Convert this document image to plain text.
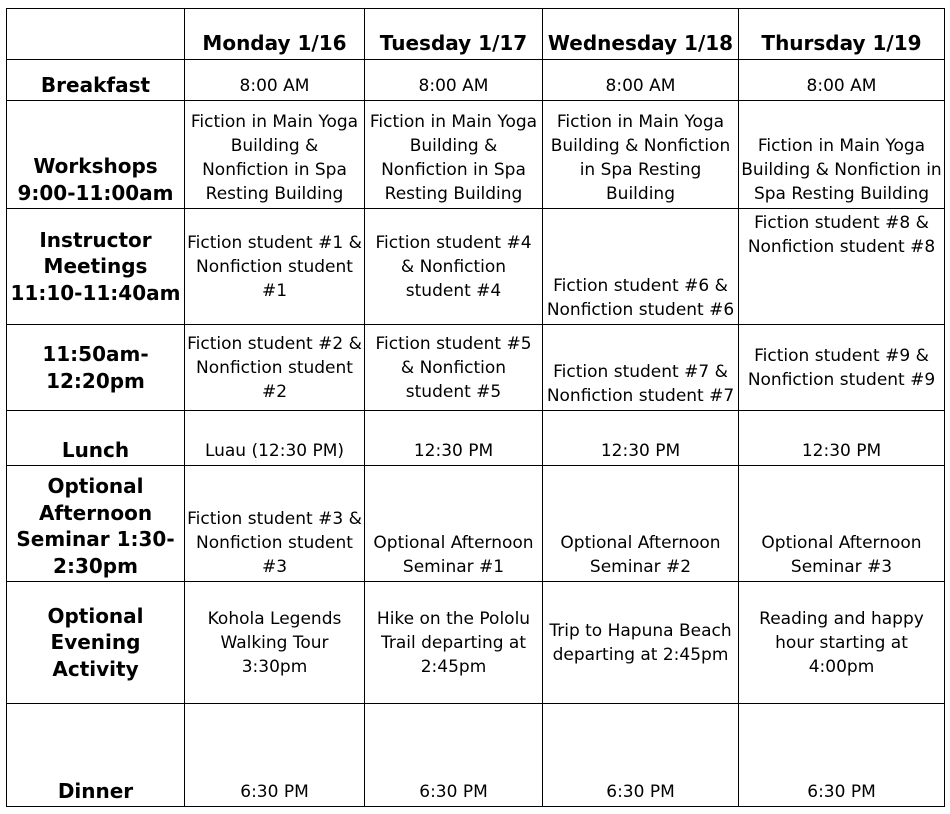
	Monday 1/16	Tuesday 1/17	Wednesday 1/18	Thursday 1/19
Breakfast	8:00 AM	8:00 AM	8:00 AM	8:00 AM
Workshops 9:00-11:00am	Fiction in Main Yoga Building & Nonfiction in Spa Resting Building	Fiction in Main Yoga Building & Nonfiction in Spa Resting Building	Fiction in Main Yoga Building & Nonfiction in Spa Resting Building	Fiction in Main Yoga Building & Nonfiction in Spa Resting Building
Instructor Meetings 11:10-11:40am	Fiction student #1 & Nonfiction student #1	Fiction student #4 & Nonfiction student #4	Fiction student #6 & Nonfiction student #6	Fiction student #8 & Nonfiction student #8
11:50am-12:20pm	Fiction student #2 & Nonfiction student #2	Fiction student #5 & Nonfiction student #5	Fiction student #7 & Nonfiction student #7	Fiction student #9 & Nonfiction student #9
Lunch	Luau (12:30 PM)	12:30 PM	12:30 PM	12:30 PM
Optional Afternoon Seminar 1:30-2:30pm	Fiction student #3 & Nonfiction student #3	Optional Afternoon Seminar #1	Optional Afternoon Seminar #2	Optional Afternoon Seminar #3
Optional Evening Activity	Kohola Legends Walking Tour 3:30pm	Hike on the Pololu Trail departing at 2:45pm	Trip to Hapuna Beach departing at 2:45pm	Reading and happy hour starting at 4:00pm
Dinner	6:30 PM	6:30 PM	6:30 PM	6:30 PM
